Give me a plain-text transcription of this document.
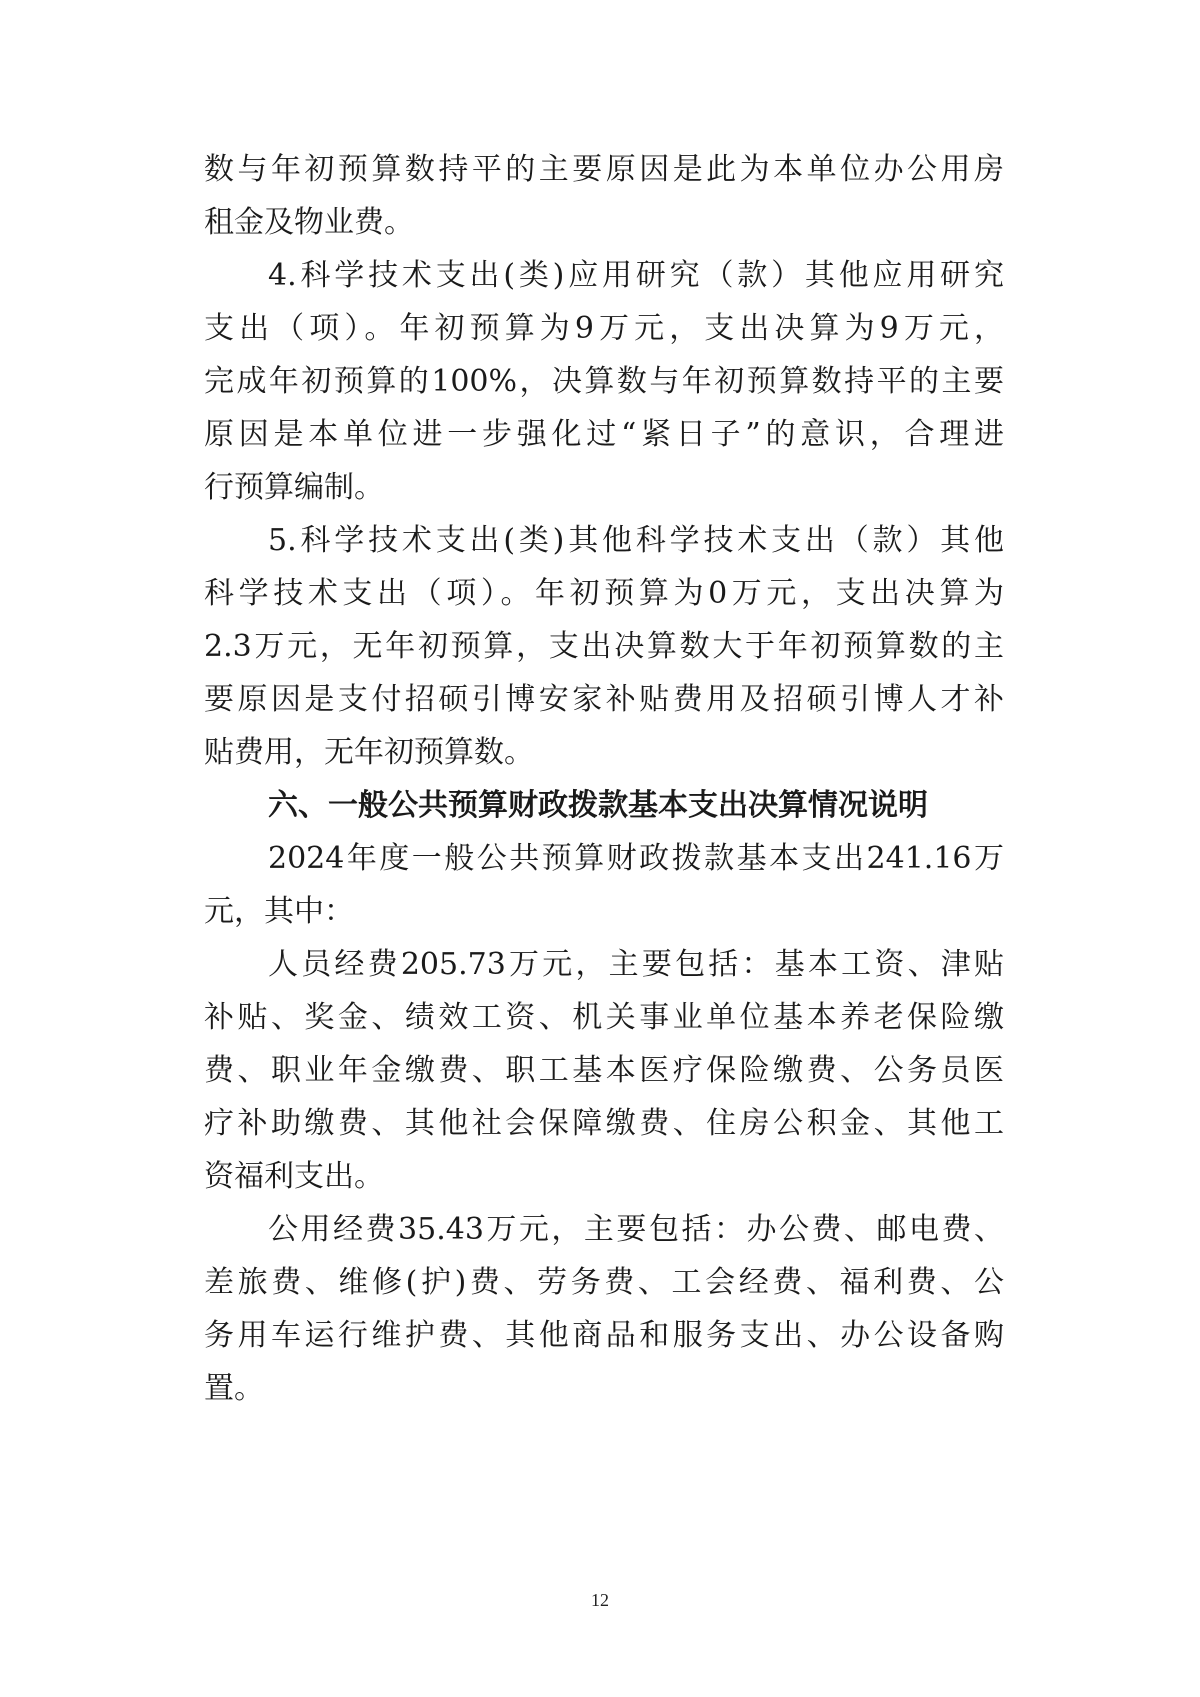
数与年初预算数持平的主要原因是此为本单位办公用房

租金及物业费。

4.科学技术支出(类)应用研究（款）其他应用研究

支出（项）。年初预算为9万元，支出决算为9万元，

完成年初预算的100%，决算数与年初预算数持平的主要

原因是本单位进一步强化过“紧日子”的意识，合理进

行预算编制。

5.科学技术支出(类)其他科学技术支出（款）其他

科学技术支出（项）。年初预算为0万元，支出决算为

2.3万元，无年初预算，支出决算数大于年初预算数的主

要原因是支付招硕引博安家补贴费用及招硕引博人才补

贴费用，无年初预算数。

六、一般公共预算财政拨款基本支出决算情况说明

2024年度一般公共预算财政拨款基本支出241.16万

元，其中：

人员经费205.73万元，主要包括：基本工资、津贴

补贴、奖金、绩效工资、机关事业单位基本养老保险缴

费、职业年金缴费、职工基本医疗保险缴费、公务员医

疗补助缴费、其他社会保障缴费、住房公积金、其他工

资福利支出。

公用经费35.43万元，主要包括：办公费、邮电费、

差旅费、维修(护)费、劳务费、工会经费、福利费、公

务用车运行维护费、其他商品和服务支出、办公设备购

置。

12
